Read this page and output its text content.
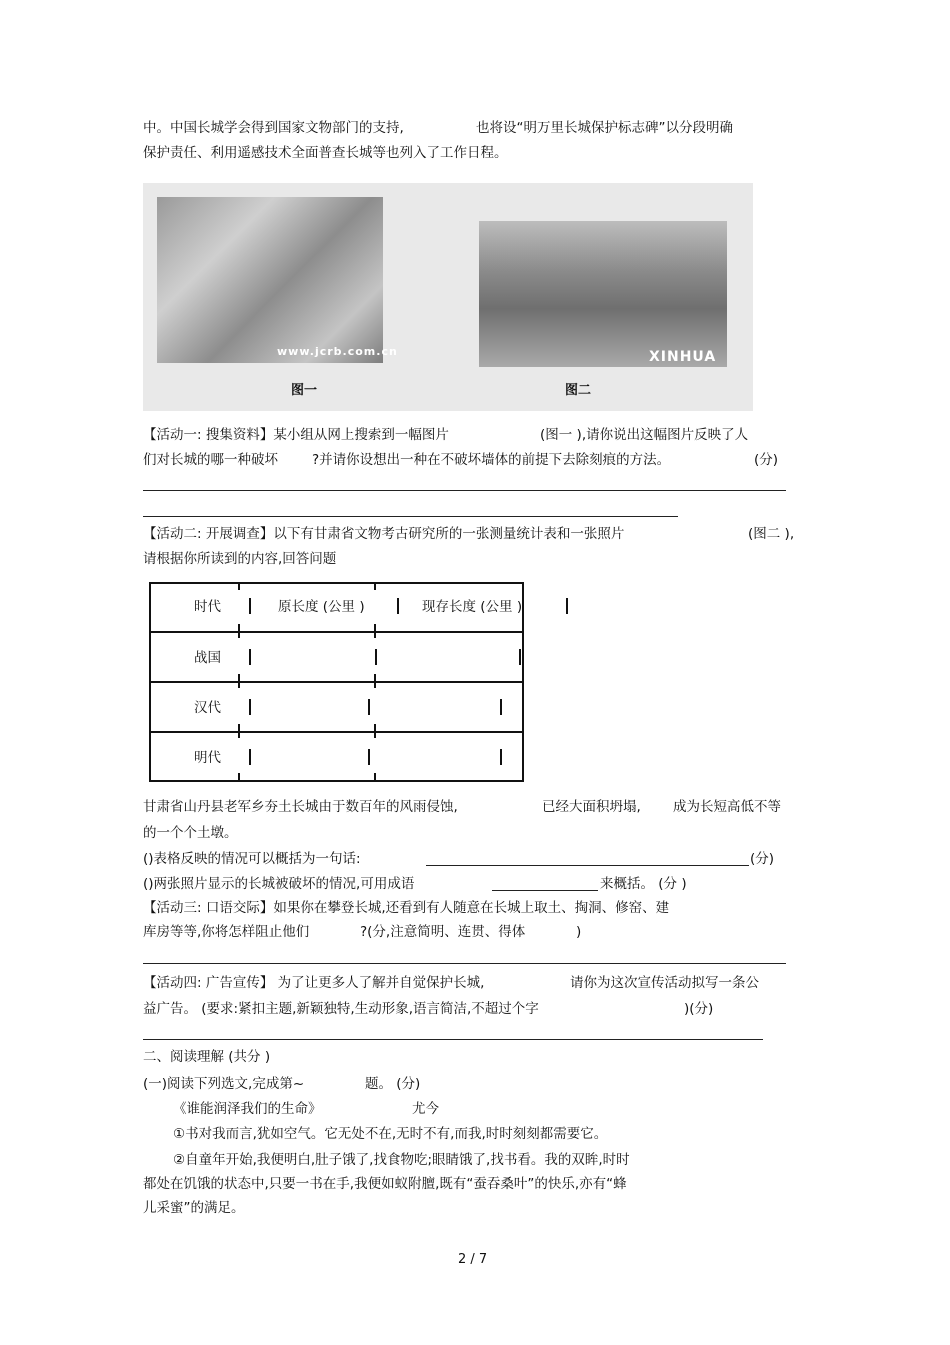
中。中国长城学会得到国家文物部门的支持,	也将设“明万里长城保护标志碑”以分段明确
保护责任、利用遥感技术全面普查长城等也列入了工作日程。
www.jcrb.com.cn	XINHUA
图一	图二
【活动一: 搜集资料】某小组从网上搜索到一幅图片	(图一 ),请你说出这幅图片反映了人
们对长城的哪一种破坏	?并请你设想出一种在不破坏墙体的前提下去除刻痕的方法。	(分)
【活动二: 开展调查】以下有甘肃省文物考古研究所的一张测量统计表和一张照片	(图二 ),
请根据你所读到的内容,回答问题
时代	原长度 (公里 )	现存长度 (公里 )
战国
汉代
明代
甘肃省山丹县老军乡夯土长城由于数百年的风雨侵蚀,	已经大面积坍塌, 成为长短高低不等
的一个个土墩。
()表格反映的情况可以概括为一句话:	(分)
()两张照片显示的长城被破坏的情况,可用成语	来概括。 (分 )
【活动三: 口语交际】如果你在攀登长城,还看到有人随意在长城上取土、掏洞、修窑、建
库房等等,你将怎样阻止他们	?(分,注意简明、连贯、得体	)
【活动四: 广告宣传】 为了让更多人了解并自觉保护长城,	请你为这次宣传活动拟写一条公
益广告。 (要求:紧扣主题,新颖独特,生动形象,语言简洁,不超过个字	)(分)
二、阅读理解 (共分 )
(一)阅读下列选文,完成第~	题。 (分)
《谁能润泽我们的生命》	尤今
①书对我而言,犹如空气。它无处不在,无时不有,而我,时时刻刻都需要它。
②自童年开始,我便明白,肚子饿了,找食物吃;眼睛饿了,找书看。我的双眸,时时
都处在饥饿的状态中,只要一书在手,我便如蚁附膻,既有“蚕吞桑叶”的快乐,亦有“蜂
儿采蜜”的满足。
2 / 7
